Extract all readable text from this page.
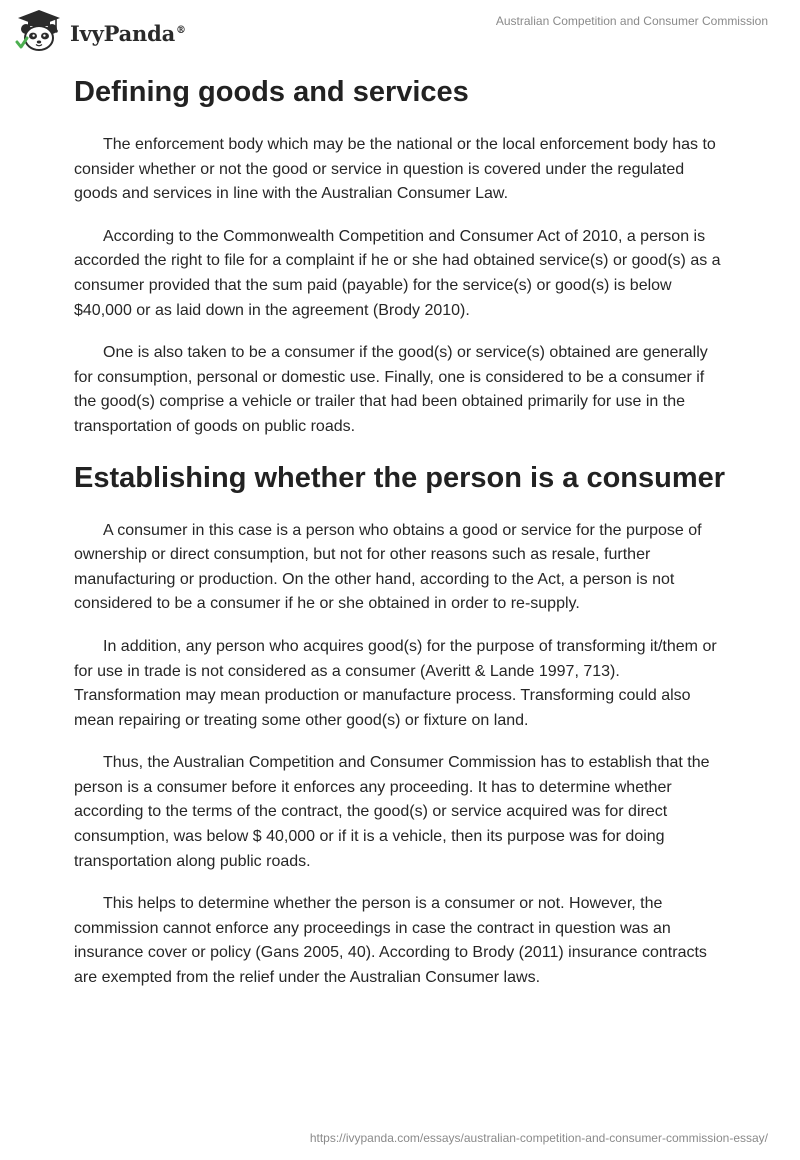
IvyPanda®
Australian Competition and Consumer Commission
Defining goods and services

The enforcement body which may be the national or the local enforcement body has to consider whether or not the good or service in question is covered under the regulated goods and services in line with the Australian Consumer Law.

According to the Commonwealth Competition and Consumer Act of 2010, a person is accorded the right to file for a complaint if he or she had obtained service(s) or good(s) as a consumer provided that the sum paid (payable) for the service(s) or good(s) is below $40,000 or as laid down in the agreement (Brody 2010).

One is also taken to be a consumer if the good(s) or service(s) obtained are generally for consumption, personal or domestic use. Finally, one is considered to be a consumer if the good(s) comprise a vehicle or trailer that had been obtained primarily for use in the transportation of goods on public roads.

Establishing whether the person is a consumer

A consumer in this case is a person who obtains a good or service for the purpose of ownership or direct consumption, but not for other reasons such as resale, further manufacturing or production. On the other hand, according to the Act, a person is not considered to be a consumer if he or she obtained in order to re-supply.

In addition, any person who acquires good(s) for the purpose of transforming it/them or for use in trade is not considered as a consumer (Averitt & Lande 1997, 713). Transformation may mean production or manufacture process. Transforming could also mean repairing or treating some other good(s) or fixture on land.

Thus, the Australian Competition and Consumer Commission has to establish that the person is a consumer before it enforces any proceeding. It has to determine whether according to the terms of the contract, the good(s) or service acquired was for direct consumption, was below $ 40,000 or if it is a vehicle, then its purpose was for doing transportation along public roads.

This helps to determine whether the person is a consumer or not. However, the commission cannot enforce any proceedings in case the contract in question was an insurance cover or policy (Gans 2005, 40). According to Brody (2011) insurance contracts are exempted from the relief under the Australian Consumer laws.

https://ivypanda.com/essays/australian-competition-and-consumer-commission-essay/
